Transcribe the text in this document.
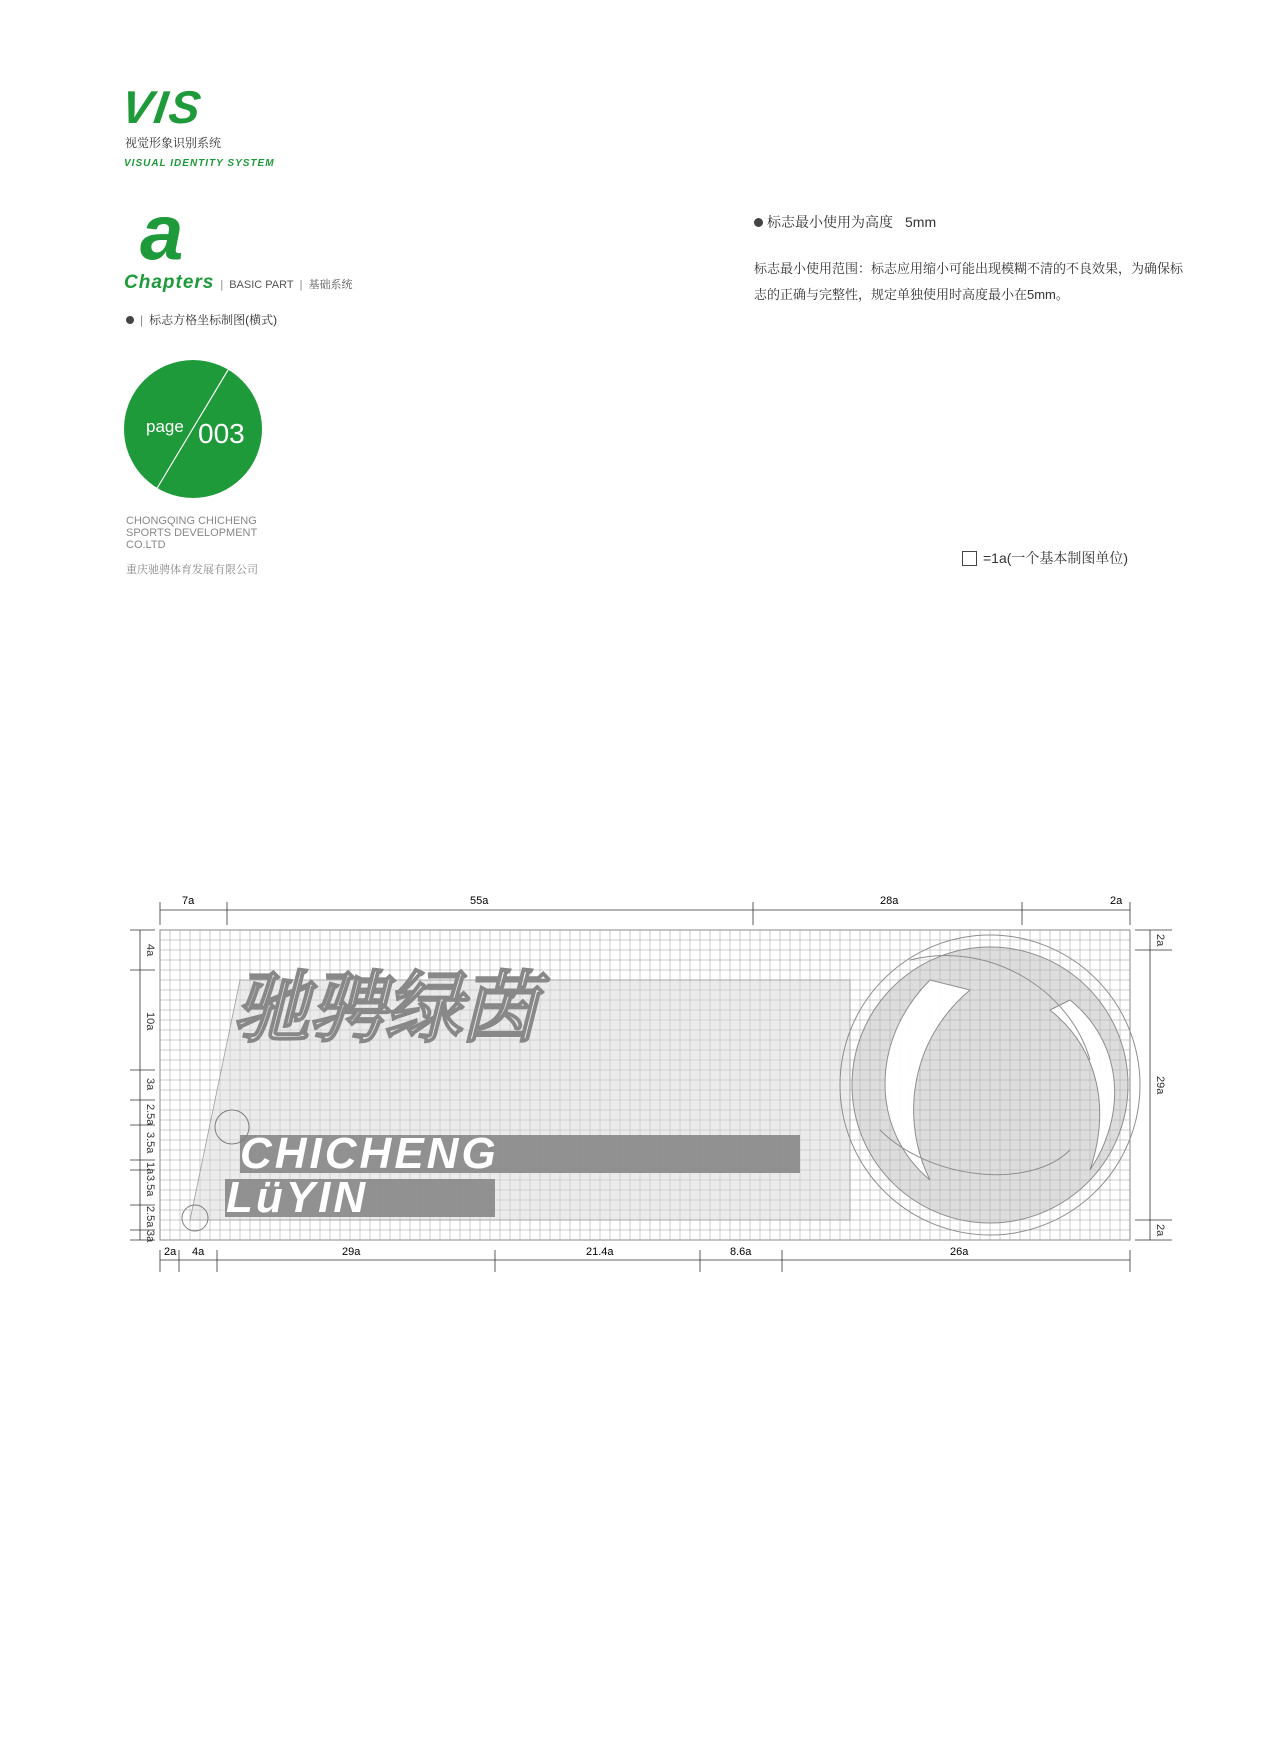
VIS
视觉形象识别系统
VISUAL IDENTITY SYSTEM
a
Chapters | BASIC PART | 基础系统
| 标志方格坐标制图(横式)
page 003
CHONGQING CHICHENG SPORTS DEVELOPMENT CO.LTD
重庆驰骋体育发展有限公司
标志最小使用为高度 5mm
标志最小使用范围：标志应用缩小可能出现模糊不清的不良效果，为确保标志的正确与完整性，规定单独使用时高度最小在5mm。
=1a(一个基本制图单位)
7a	55a	28a	2a
2a 4a	29a	21.4a	8.6a	26a
4a
10a
3a
2.5a
3.5a
1a
3.5a
2.5a
3a
2a
29a
2a
驰骋绿茵
CHICHENG
LüYIN
